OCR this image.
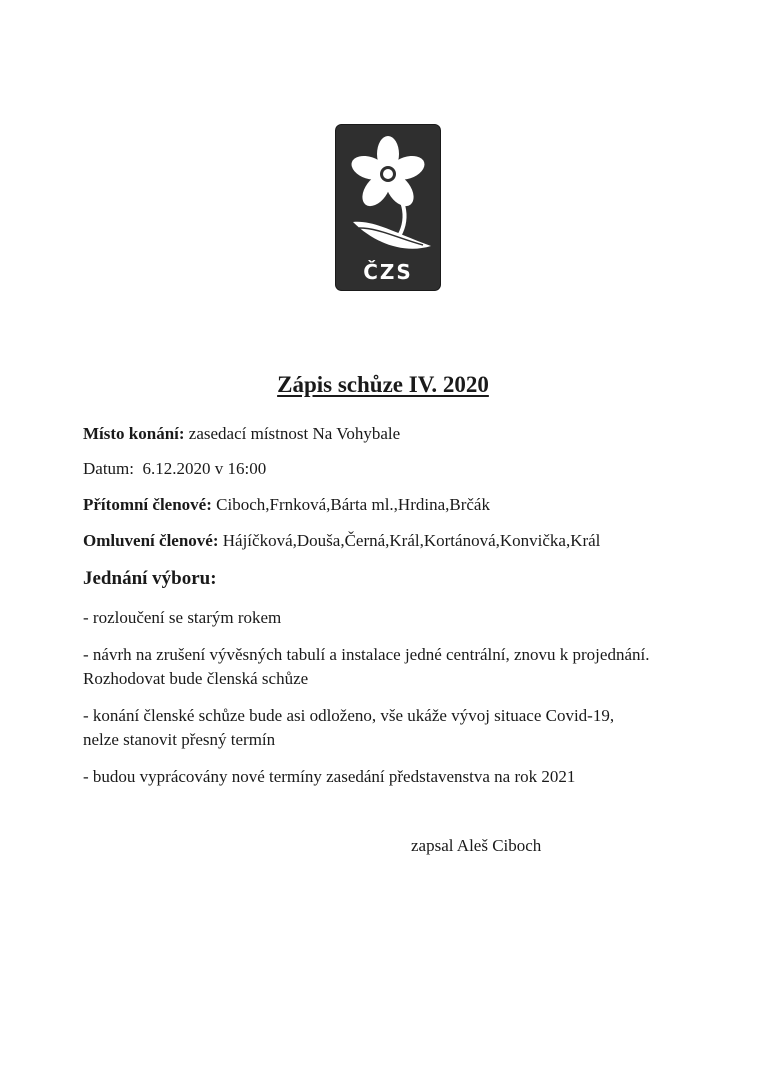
ČZS
Zápis schůze IV. 2020

Místo konání: zasedací místnost Na Vohybale

Datum: 6.12.2020 v 16:00

Přítomní členové: Ciboch,Frnková,Bárta ml.,Hrdina,Brčák

Omluvení členové: Hájíčková,Douša,Černá,Král,Kortánová,Konvička,Král

Jednání výboru:

- rozloučení se starým rokem

- návrh na zrušení vývěsných tabulí a instalace jedné centrální, znovu k projednání.

Rozhodovat bude členská schůze

- konání členské schůze bude asi odloženo, vše ukáže vývoj situace Covid-19,

nelze stanovit přesný termín

- budou vyprácovány nové termíny zasedání představenstva na rok 2021

zapsal Aleš Ciboch
